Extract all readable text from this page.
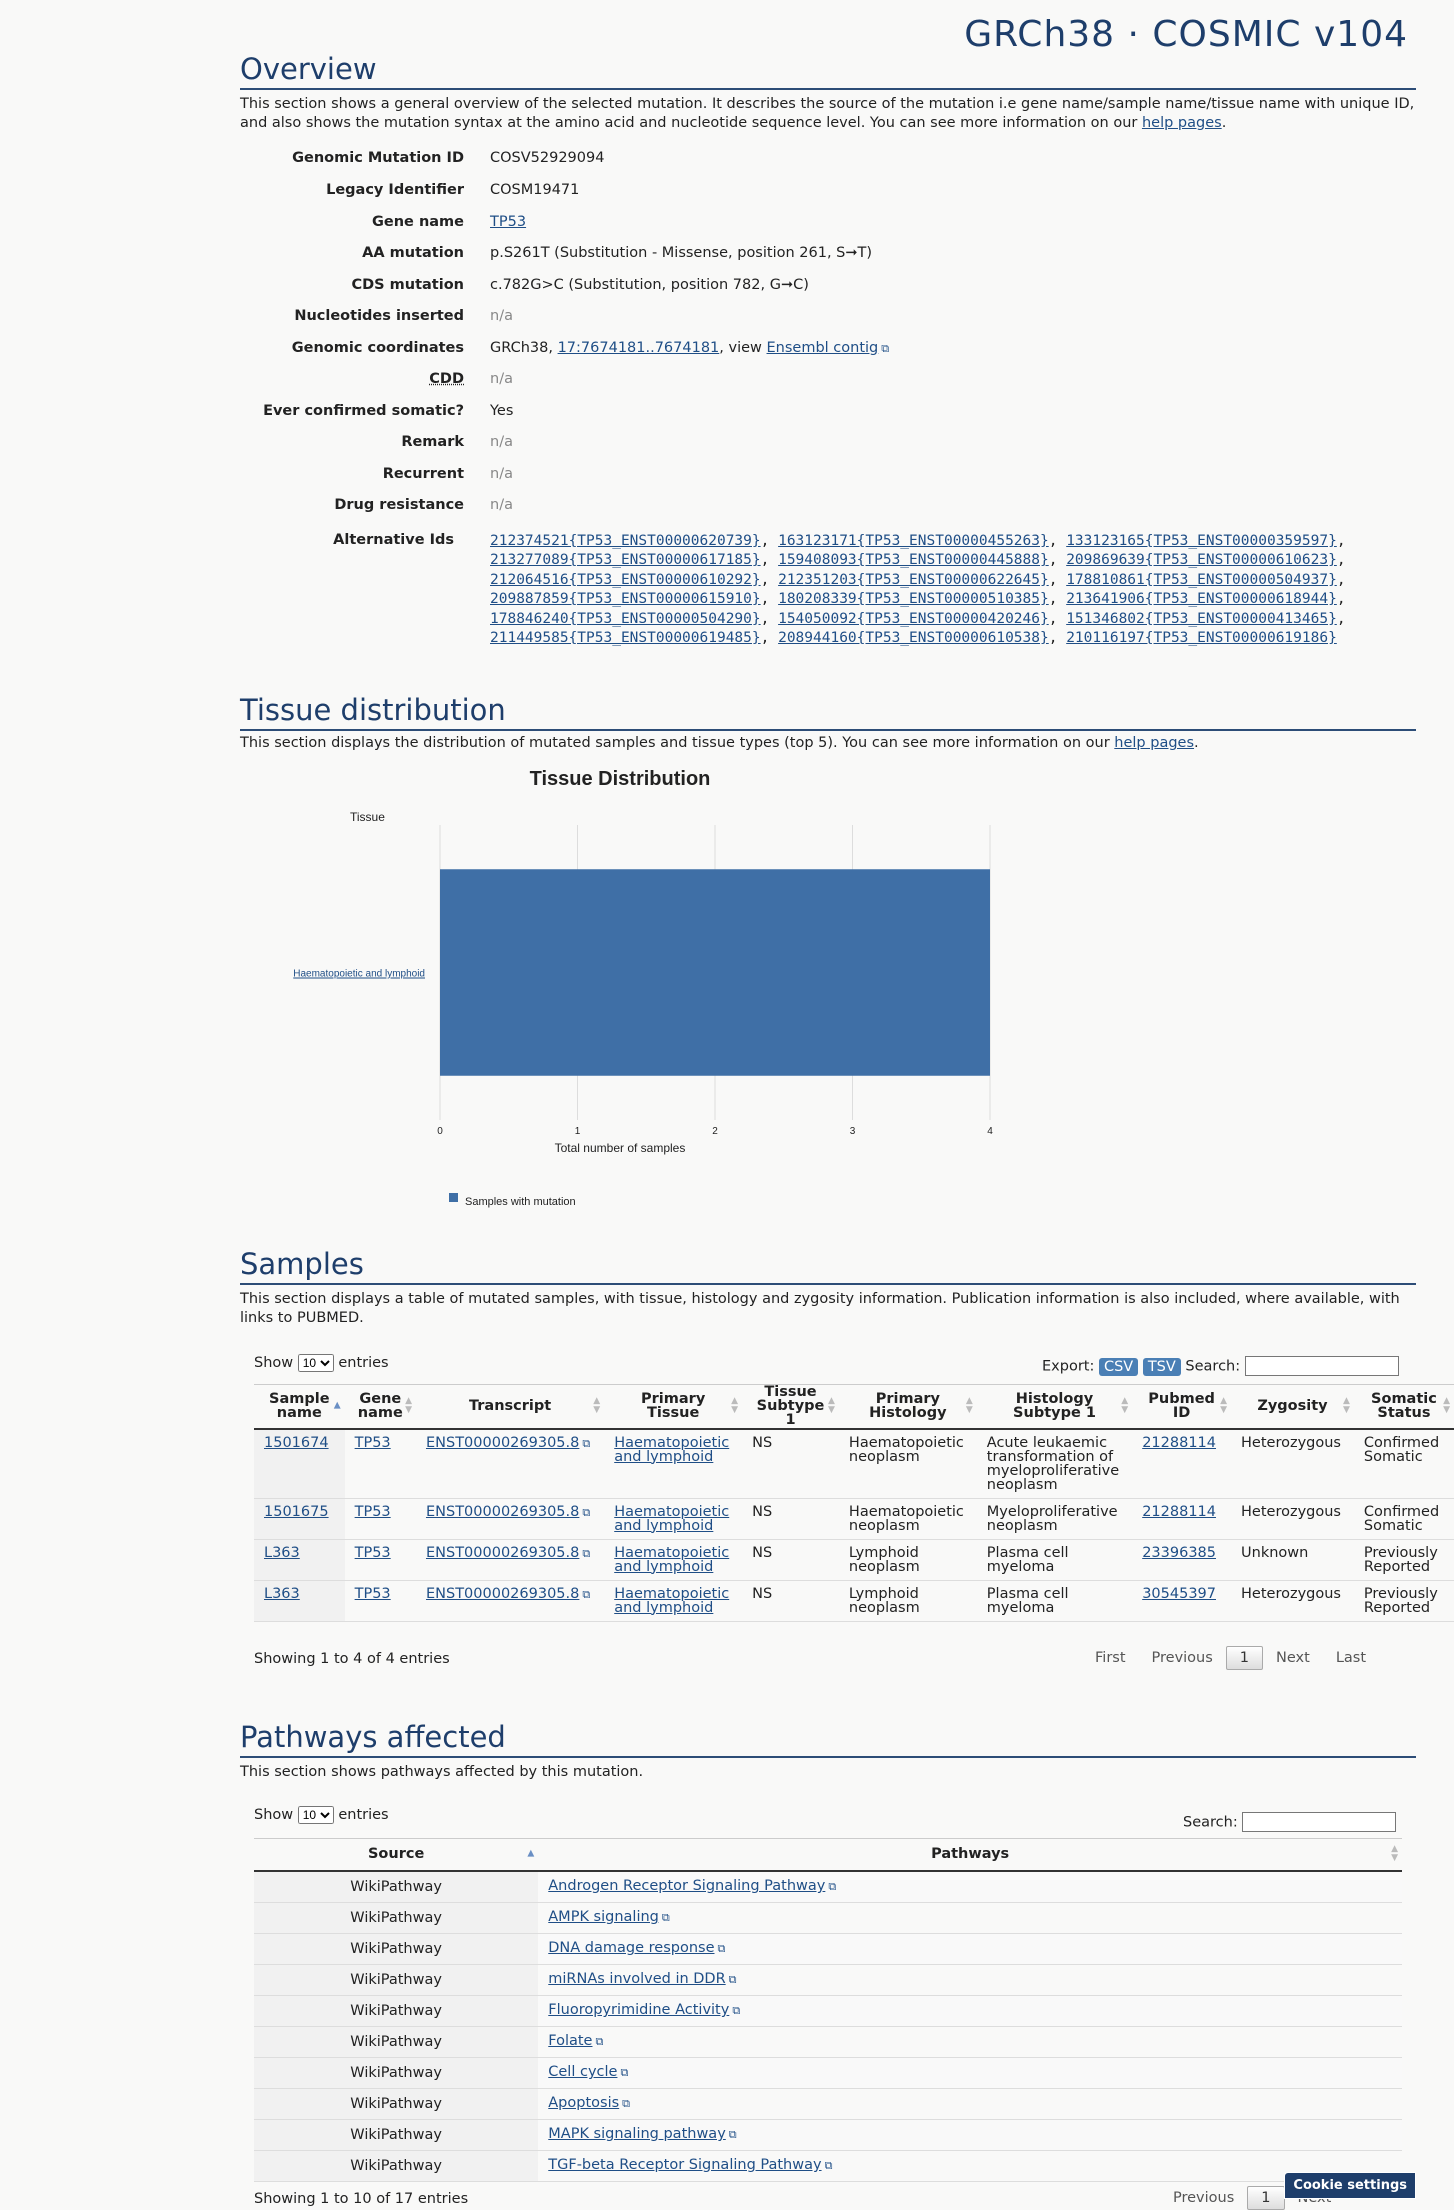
GRCh38 · COSMIC v104
Overview
This section shows a general overview of the selected mutation. It describes the source of the mutation i.e gene name/sample name/tissue name with unique ID, and also shows the mutation syntax at the amino acid and nucleotide sequence level. You can see more information on our help pages.
Genomic Mutation ID COSV52929094
Legacy Identifier COSM19471
Gene name TP53
AA mutation p.S261T (Substitution - Missense, position 261, S➞T)
CDS mutation c.782G>C (Substitution, position 782, G➞C)
Nucleotides inserted n/a
Genomic coordinates GRCh38, 17:7674181..7674181, view Ensembl contig ⧉
CDD n/a
Ever confirmed somatic? Yes
Remark n/a
Recurrent n/a
Drug resistance n/a
Alternative Ids 212374521{TP53_ENST00000620739}, 163123171{TP53_ENST00000455263}, 133123165{TP53_ENST00000359597}, 213277089{TP53_ENST00000617185}, 159408093{TP53_ENST00000445888}, 209869639{TP53_ENST00000610623}, 212064516{TP53_ENST00000610292}, 212351203{TP53_ENST00000622645}, 178810861{TP53_ENST00000504937}, 209887859{TP53_ENST00000615910}, 180208339{TP53_ENST00000510385}, 213641906{TP53_ENST00000618944}, 178846240{TP53_ENST00000504290}, 154050092{TP53_ENST00000420246}, 151346802{TP53_ENST00000413465}, 211449585{TP53_ENST00000619485}, 208944160{TP53_ENST00000610538}, 210116197{TP53_ENST00000619186}
Tissue distribution
This section displays the distribution of mutated samples and tissue types (top 5). You can see more information on our help pages.
Tissue Distribution
Tissue
0	1	2	3	4
Haematopoietic and lymphoid
Total number of samples
Samples with mutation
Samples
This section displays a table of mutated samples, with tissue, histology and zygosity information. Publication information is also included, where available, with links to PUBMED.
Show
10	entries	Export: CSV TSV Search:
Sample name ▲	Gene name
▲
▼	Transcript ▲
▼	Primary Tissue
▲
▼	Tissue Subtype 1
▲
▼	Primary Histology
▲
▼	Histology Subtype 1
▲
▼	Pubmed ID
▲
▼	Zygosity ▲
▼	Somatic Status
▲
▼

1501674	TP53	ENST00000269305.8 ⧉	Haematopoietic and lymphoid	NS	Haematopoietic neoplasm	Acute leukaemic transformation of myeloproliferative neoplasm	21288114	Heterozygous	Confirmed Somatic
1501675	TP53	ENST00000269305.8 ⧉	Haematopoietic and lymphoid	NS	Haematopoietic neoplasm	Myeloproliferative neoplasm	21288114	Heterozygous	Confirmed Somatic
L363	TP53	ENST00000269305.8 ⧉	Haematopoietic and lymphoid	NS	Lymphoid neoplasm	Plasma cell myeloma	23396385	Unknown	Previously Reported
L363	TP53	ENST00000269305.8 ⧉	Haematopoietic and lymphoid	NS	Lymphoid neoplasm	Plasma cell myeloma	30545397	Heterozygous	Previously Reported
Showing 1 to 4 of 4 entries	First Previous 1 Next Last
Pathways affected
This section shows pathways affected by this mutation.
Show
10	entries	Search:
Source ▲	Pathways ▲
▼

WikiPathway	Androgen Receptor Signaling Pathway ⧉
WikiPathway	AMPK signaling ⧉
WikiPathway	DNA damage response ⧉
WikiPathway	miRNAs involved in DDR ⧉
WikiPathway	Fluoropyrimidine Activity ⧉
WikiPathway	Folate ⧉
WikiPathway	Cell cycle ⧉
WikiPathway	Apoptosis ⧉
WikiPathway	MAPK signaling pathway ⧉
WikiPathway	TGF-beta Receptor Signaling Pathway ⧉
Showing 1 to 10 of 17 entries	Previous 1
Cookie settings
